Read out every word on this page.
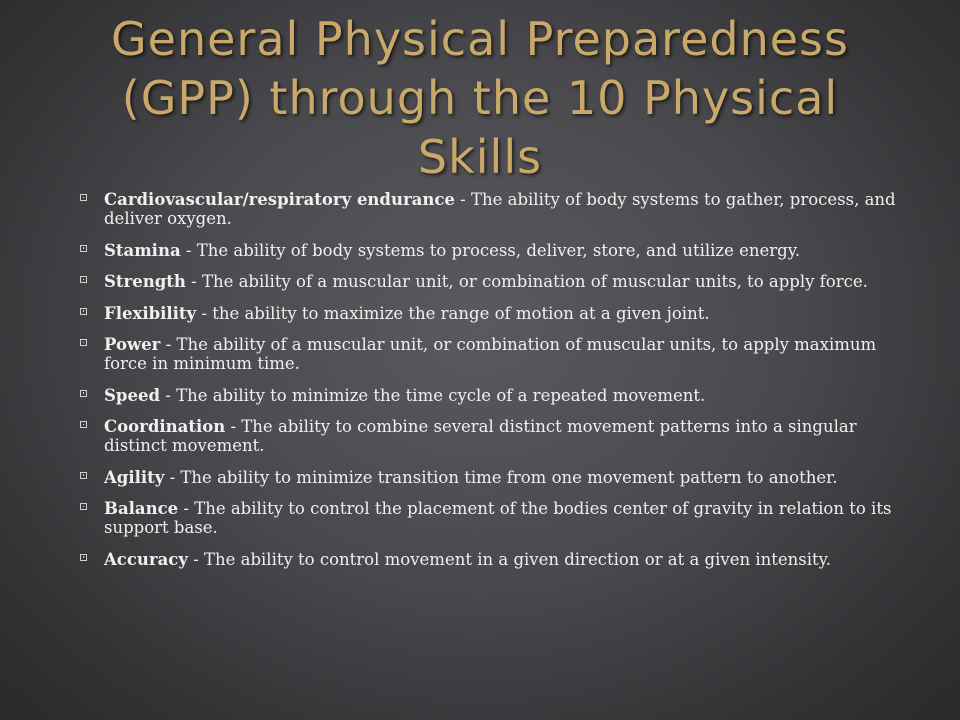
General Physical Preparedness
(GPP) through the 10 Physical
Skills
Cardiovascular/respiratory endurance - The ability of body systems to gather, process, and deliver oxygen.
Stamina - The ability of body systems to process, deliver, store, and utilize energy.
Strength - The ability of a muscular unit, or combination of muscular units, to apply force.
Flexibility - the ability to maximize the range of motion at a given joint.
Power - The ability of a muscular unit, or combination of muscular units, to apply maximum force in minimum time.
Speed - The ability to minimize the time cycle of a repeated movement.
Coordination - The ability to combine several distinct movement patterns into a singular distinct movement.
Agility - The ability to minimize transition time from one movement pattern to another.
Balance - The ability to control the placement of the bodies center of gravity in relation to its support base.
Accuracy - The ability to control movement in a given direction or at a given intensity.
